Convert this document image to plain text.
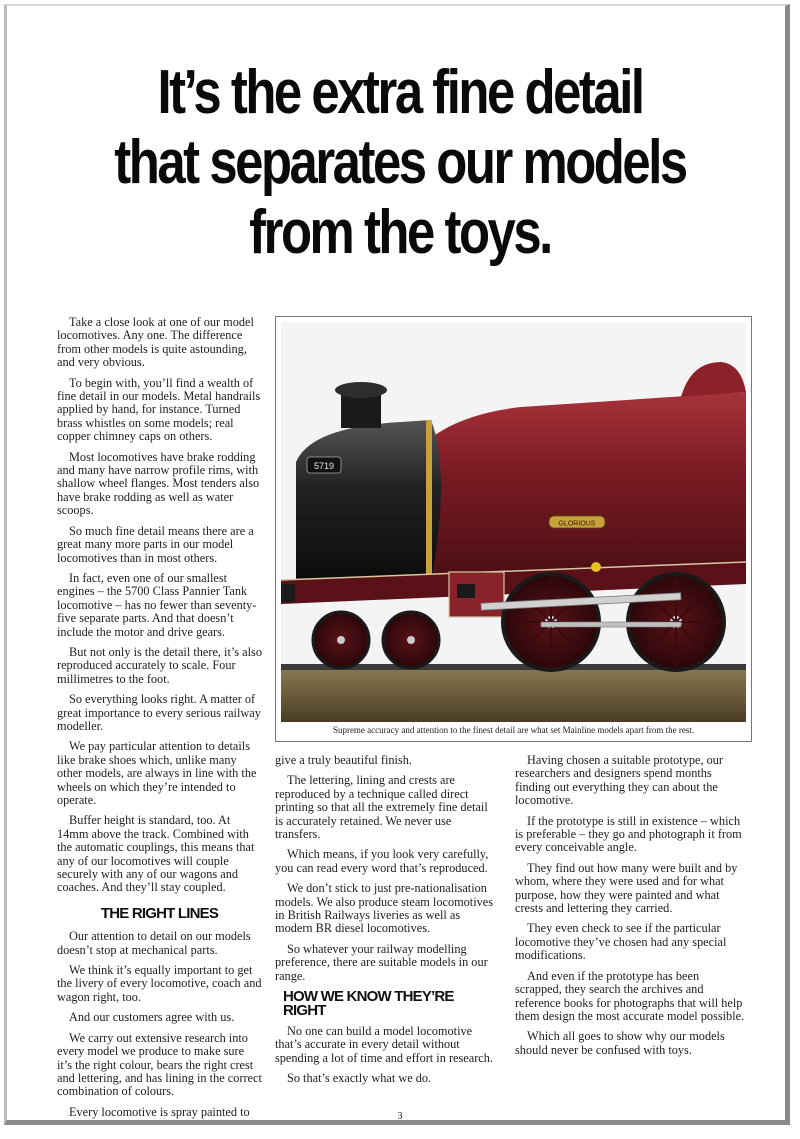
It’s the extra fine detail
that separates our models
from the toys.

Take a close look at one of our model locomotives. Any one. The difference from other models is quite astounding, and very obvious.

To begin with, you’ll find a wealth of fine detail in our models. Metal handrails applied by hand, for instance. Turned brass whistles on some models; real copper chimney caps on others.

Most locomotives have brake rodding and many have narrow profile rims, with shallow wheel flanges. Most tenders also have brake rodding as well as water scoops.

So much fine detail means there are a great many more parts in our model locomotives than in most others.

In fact, even one of our smallest engines – the 5700 Class Pannier Tank locomotive – has no fewer than seventy-five separate parts. And that doesn’t include the motor and drive gears.

But not only is the detail there, it’s also reproduced accurately to scale. Four millimetres to the foot.

So everything looks right. A matter of great importance to every serious railway modeller.

We pay particular attention to details like brake shoes which, unlike many other models, are always in line with the wheels on which they’re intended to operate.

Buffer height is standard, too. At 14mm above the track. Combined with the automatic couplings, this means that any of our locomotives will couple securely with any of our wagons and coaches. And they’ll stay coupled.

THE RIGHT LINES

Our attention to detail on our models doesn’t stop at mechanical parts.

We think it’s equally important to get the livery of every locomotive, coach and wagon right, too.

And our customers agree with us.

We carry out extensive research into every model we produce to make sure it’s the right colour, bears the right crest and lettering, and has lining in the correct combination of colours.

Every locomotive is spray painted to

5719
GLORIOUS
Supreme accuracy and attention to the finest detail are what set Mainline models apart from the rest.

give a truly beautiful finish.

The lettering, lining and crests are reproduced by a technique called direct printing so that all the extremely fine detail is accurately retained. We never use transfers.

Which means, if you look very carefully, you can read every word that’s reproduced.

We don’t stick to just pre-nationalisation models. We also produce steam locomotives in British Railways liveries as well as modern BR diesel locomotives.

So whatever your railway modelling preference, there are suitable models in our range.

HOW WE KNOW THEY’RE RIGHT

No one can build a model locomotive that’s accurate in every detail without spending a lot of time and effort in research.

So that’s exactly what we do.

Having chosen a suitable prototype, our researchers and designers spend months finding out everything they can about the locomotive.

If the prototype is still in existence – which is preferable – they go and photograph it from every conceivable angle.

They find out how many were built and by whom, where they were used and for what purpose, how they were painted and what crests and lettering they carried.

They even check to see if the particular locomotive they’ve chosen had any special modifications.

And even if the prototype has been scrapped, they search the archives and reference books for photographs that will help them design the most accurate model possible.

Which all goes to show why our models should never be confused with toys.

3
